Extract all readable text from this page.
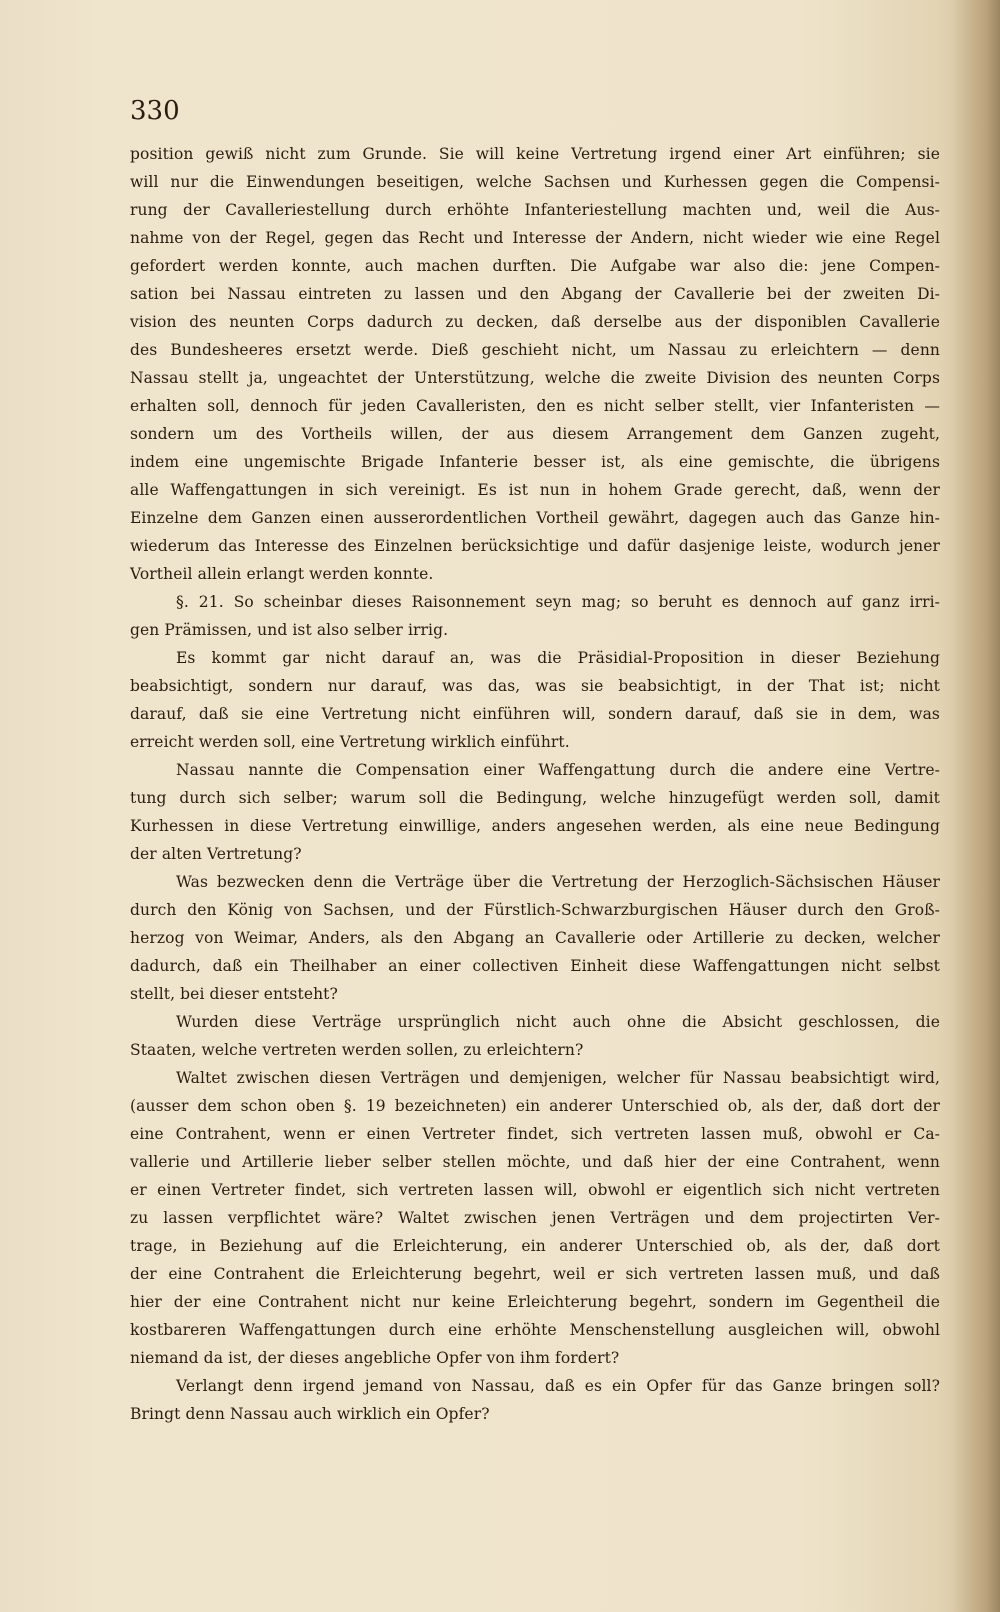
330
position gewiß nicht zum Grunde. Sie will keine Vertretung irgend einer Art einführen; sie
will nur die Einwendungen beseitigen, welche Sachsen und Kurhessen gegen die Compensi-
rung der Cavalleriestellung durch erhöhte Infanteriestellung machten und, weil die Aus-
nahme von der Regel, gegen das Recht und Interesse der Andern, nicht wieder wie eine Regel
gefordert werden konnte, auch machen durften. Die Aufgabe war also die: jene Compen-
sation bei Nassau eintreten zu lassen und den Abgang der Cavallerie bei der zweiten Di-
vision des neunten Corps dadurch zu decken, daß derselbe aus der disponiblen Cavallerie
des Bundesheeres ersetzt werde. Dieß geschieht nicht, um Nassau zu erleichtern — denn
Nassau stellt ja, ungeachtet der Unterstützung, welche die zweite Division des neunten Corps
erhalten soll, dennoch für jeden Cavalleristen, den es nicht selber stellt, vier Infanteristen —
sondern um des Vortheils willen, der aus diesem Arrangement dem Ganzen zugeht,
indem eine ungemischte Brigade Infanterie besser ist, als eine gemischte, die übrigens
alle Waffengattungen in sich vereinigt. Es ist nun in hohem Grade gerecht, daß, wenn der
Einzelne dem Ganzen einen ausserordentlichen Vortheil gewährt, dagegen auch das Ganze hin-
wiederum das Interesse des Einzelnen berücksichtige und dafür dasjenige leiste, wodurch jener
Vortheil allein erlangt werden konnte.
§. 21. So scheinbar dieses Raisonnement seyn mag; so beruht es dennoch auf ganz irri-
gen Prämissen, und ist also selber irrig.
Es kommt gar nicht darauf an, was die Präsidial-Proposition in dieser Beziehung
beabsichtigt, sondern nur darauf, was das, was sie beabsichtigt, in der That ist; nicht
darauf, daß sie eine Vertretung nicht einführen will, sondern darauf, daß sie in dem, was
erreicht werden soll, eine Vertretung wirklich einführt.
Nassau nannte die Compensation einer Waffengattung durch die andere eine Vertre-
tung durch sich selber; warum soll die Bedingung, welche hinzugefügt werden soll, damit
Kurhessen in diese Vertretung einwillige, anders angesehen werden, als eine neue Bedingung
der alten Vertretung?
Was bezwecken denn die Verträge über die Vertretung der Herzoglich-Sächsischen Häuser
durch den König von Sachsen, und der Fürstlich-Schwarzburgischen Häuser durch den Groß-
herzog von Weimar, Anders, als den Abgang an Cavallerie oder Artillerie zu decken, welcher
dadurch, daß ein Theilhaber an einer collectiven Einheit diese Waffengattungen nicht selbst
stellt, bei dieser entsteht?
Wurden diese Verträge ursprünglich nicht auch ohne die Absicht geschlossen, die
Staaten, welche vertreten werden sollen, zu erleichtern?
Waltet zwischen diesen Verträgen und demjenigen, welcher für Nassau beabsichtigt wird,
(ausser dem schon oben §. 19 bezeichneten) ein anderer Unterschied ob, als der, daß dort der
eine Contrahent, wenn er einen Vertreter findet, sich vertreten lassen muß, obwohl er Ca-
vallerie und Artillerie lieber selber stellen möchte, und daß hier der eine Contrahent, wenn
er einen Vertreter findet, sich vertreten lassen will, obwohl er eigentlich sich nicht vertreten
zu lassen verpflichtet wäre? Waltet zwischen jenen Verträgen und dem projectirten Ver-
trage, in Beziehung auf die Erleichterung, ein anderer Unterschied ob, als der, daß dort
der eine Contrahent die Erleichterung begehrt, weil er sich vertreten lassen muß, und daß
hier der eine Contrahent nicht nur keine Erleichterung begehrt, sondern im Gegentheil die
kostbareren Waffengattungen durch eine erhöhte Menschenstellung ausgleichen will, obwohl
niemand da ist, der dieses angebliche Opfer von ihm fordert?
Verlangt denn irgend jemand von Nassau, daß es ein Opfer für das Ganze bringen soll?
Bringt denn Nassau auch wirklich ein Opfer?
